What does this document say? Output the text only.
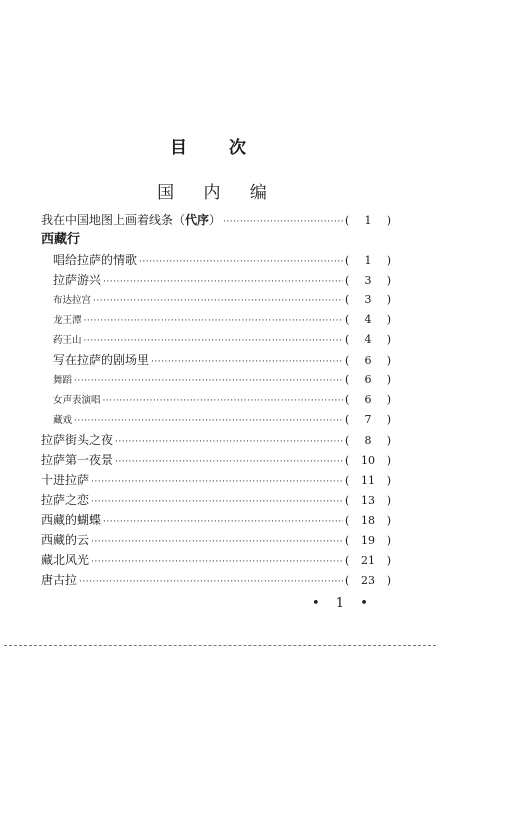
目 次
国 内 编
我在中国地图上画着线条（代序） ·····	(	1	)
西藏行
唱给拉萨的情歌 ·····	(	1	)
拉萨游兴 ·····	(	3	)
布达拉宫 ·····	(	3	)
龙王潭 ·····	(	4	)
药王山 ·····	(	4	)
写在拉萨的剧场里 ·····	(	6	)
舞蹈 ·····	(	6	)
女声表演唱 ·····	(	6	)
藏戏 ·····	(	7	)
拉萨街头之夜 ·····	(	8	)
拉萨第一夜景 ·····	(	10	)
十进拉萨 ·····	(	11	)
拉萨之恋 ·····	(	13	)
西藏的蝴蝶 ·····	(	18	)
西藏的云 ·····	(	19	)
藏北风光 ·····	(	21	)
唐古拉 ·····	(	23	)
• 1 •
